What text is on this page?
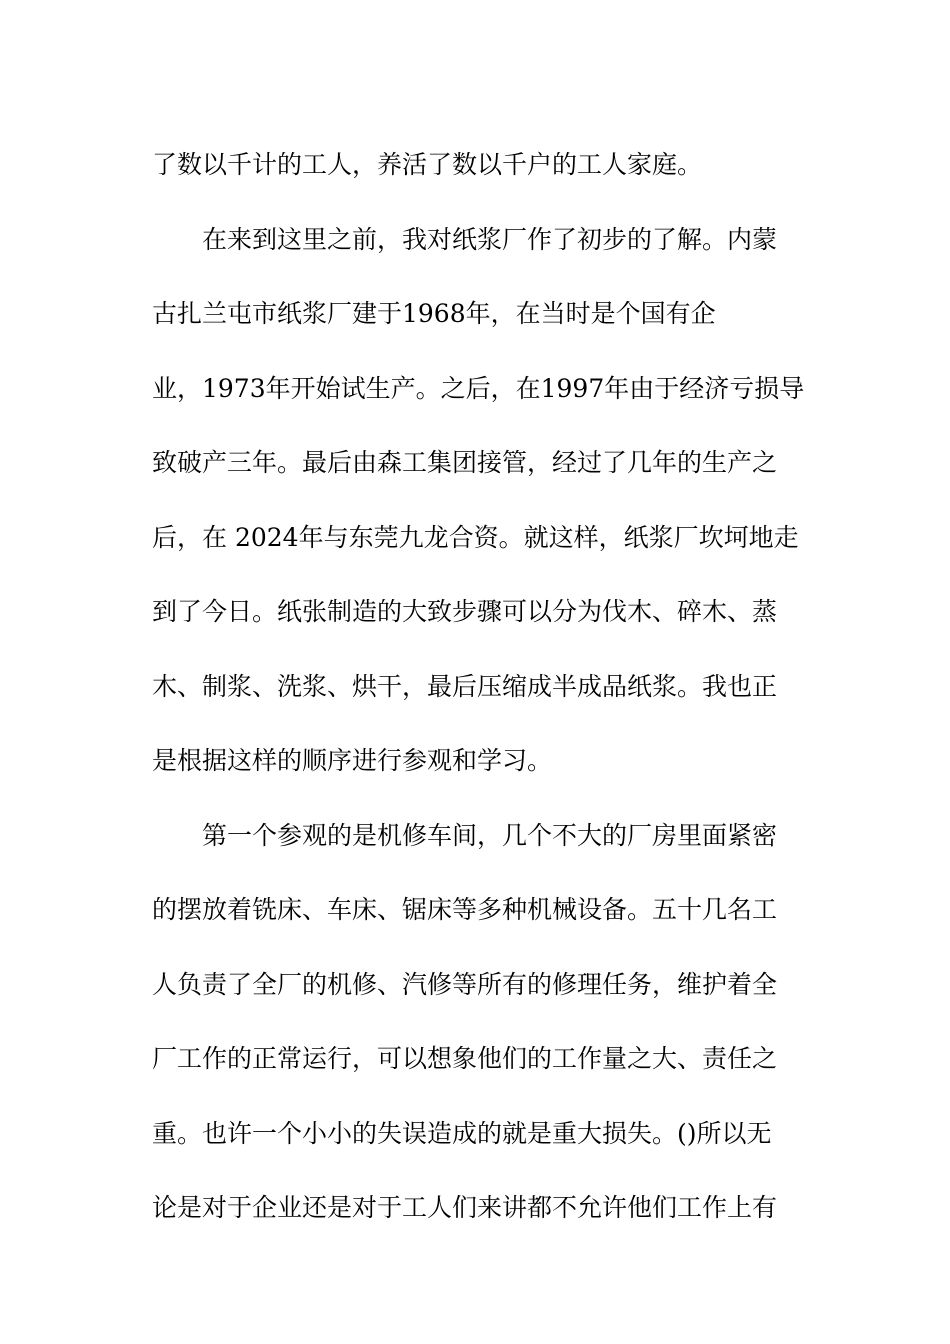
了数以千计的工人，养活了数以千户的工人家庭。
在来到这里之前，我对纸浆厂作了初步的了解。内蒙
古扎兰屯市纸浆厂建于1968年，在当时是个国有企
业，1973年开始试生产。之后，在1997年由于经济亏损导
致破产三年。最后由森工集团接管，经过了几年的生产之
后，在 2024年与东莞九龙合资。就这样，纸浆厂坎坷地走
到了今日。纸张制造的大致步骤可以分为伐木、碎木、蒸
木、制浆、洗浆、烘干，最后压缩成半成品纸浆。我也正
是根据这样的顺序进行参观和学习。
第一个参观的是机修车间，几个不大的厂房里面紧密
的摆放着铣床、车床、锯床等多种机械设备。五十几名工
人负责了全厂的机修、汽修等所有的修理任务，维护着全
厂工作的正常运行，可以想象他们的工作量之大、责任之
重。也许一个小小的失误造成的就是重大损失。()所以无
论是对于企业还是对于工人们来讲都不允许他们工作上有
